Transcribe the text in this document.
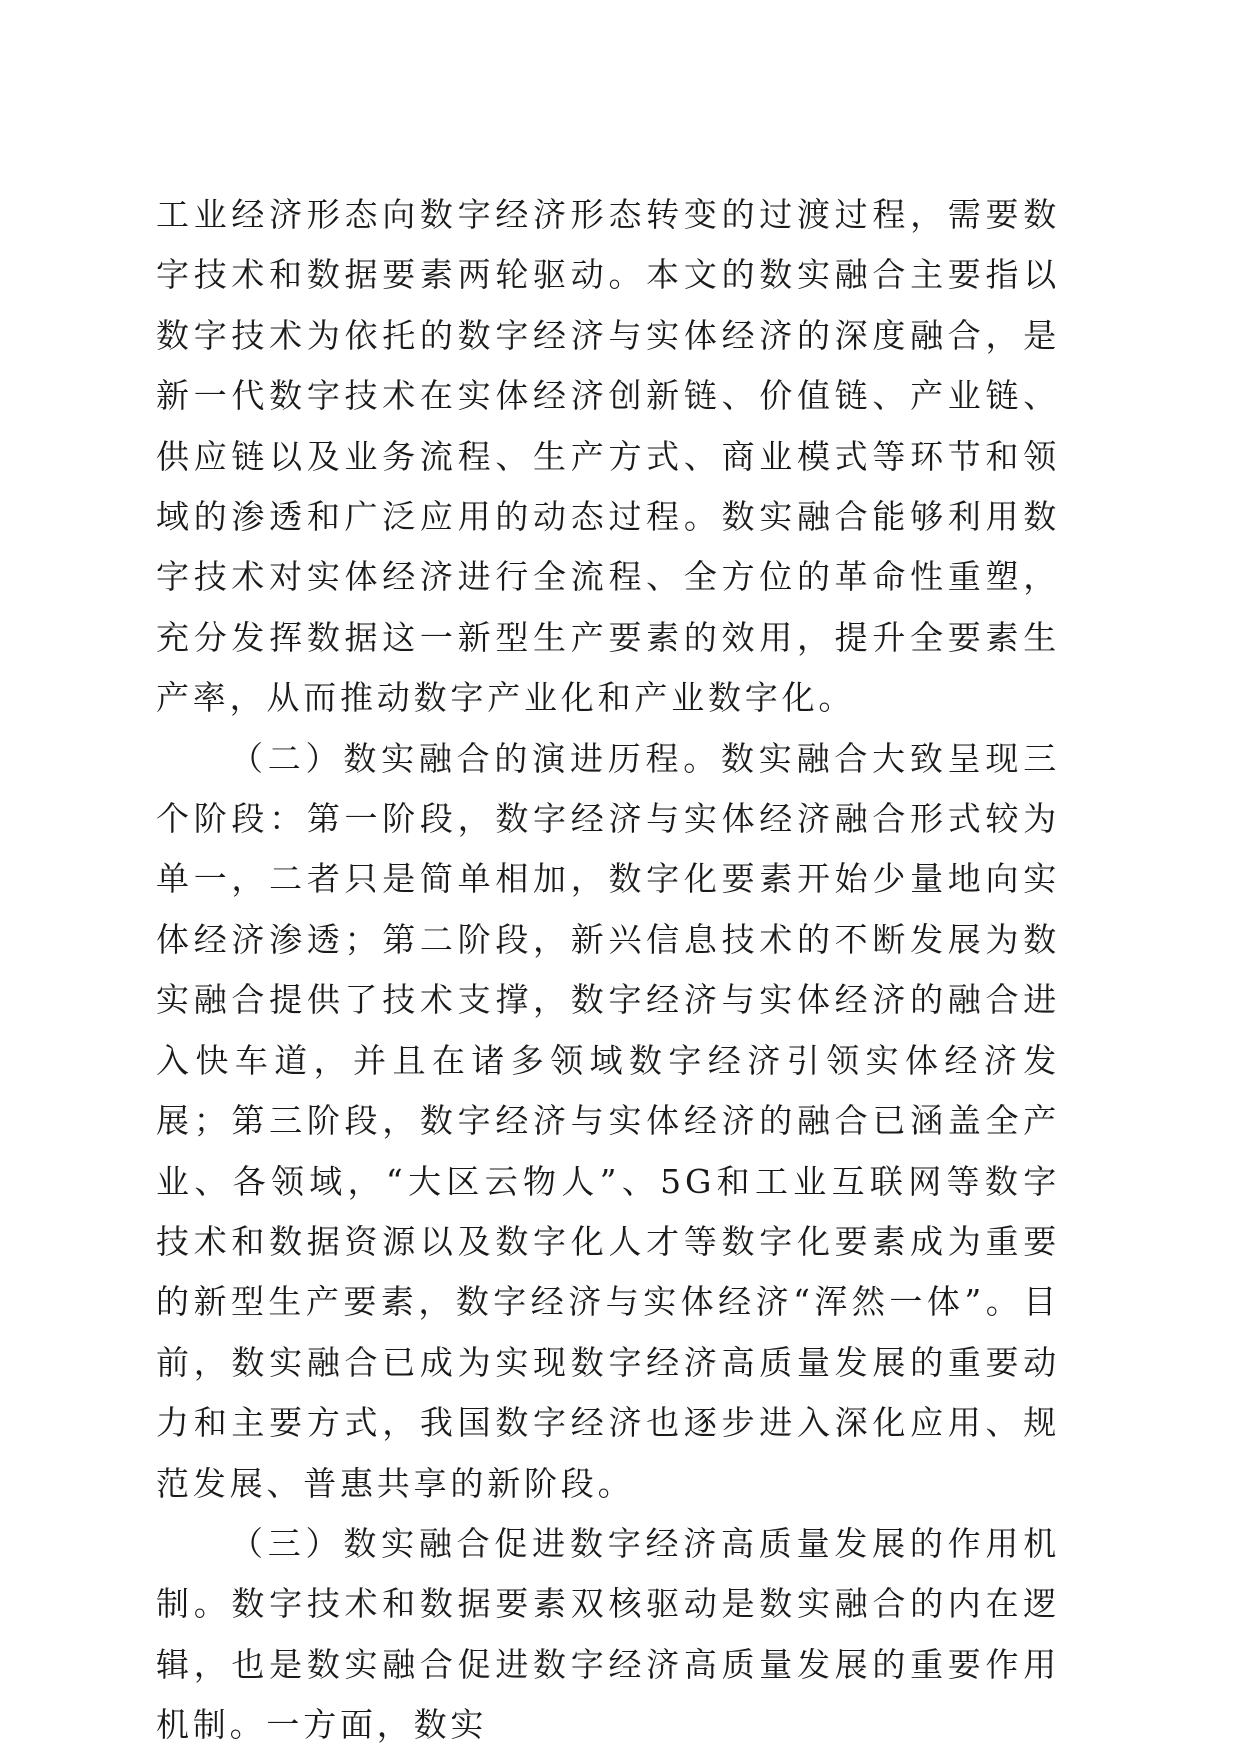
工业经济形态向数字经济形态转变的过渡过程，需要数字技术和数据要素两轮驱动。本文的数实融合主要指以数字技术为依托的数字经济与实体经济的深度融合，是新一代数字技术在实体经济创新链、价值链、产业链、供应链以及业务流程、生产方式、商业模式等环节和领域的渗透和广泛应用的动态过程。数实融合能够利用数字技术对实体经济进行全流程、全方位的革命性重塑，充分发挥数据这一新型生产要素的效用，提升全要素生产率，从而推动数字产业化和产业数字化。

（二）数实融合的演进历程。数实融合大致呈现三个阶段：第一阶段，数字经济与实体经济融合形式较为单一，二者只是简单相加，数字化要素开始少量地向实体经济渗透；第二阶段，新兴信息技术的不断发展为数实融合提供了技术支撑，数字经济与实体经济的融合进入快车道，并且在诸多领域数字经济引领实体经济发展；第三阶段，数字经济与实体经济的融合已涵盖全产业、各领域，“大区云物人”、5G和工业互联网等数字技术和数据资源以及数字化人才等数字化要素成为重要的新型生产要素，数字经济与实体经济“浑然一体”。目前，数实融合已成为实现数字经济高质量发展的重要动力和主要方式，我国数字经济也逐步进入深化应用、规范发展、普惠共享的新阶段。

（三）数实融合促进数字经济高质量发展的作用机制。数字技术和数据要素双核驱动是数实融合的内在逻辑，也是数实融合促进数字经济高质量发展的重要作用机制。一方面，数实
